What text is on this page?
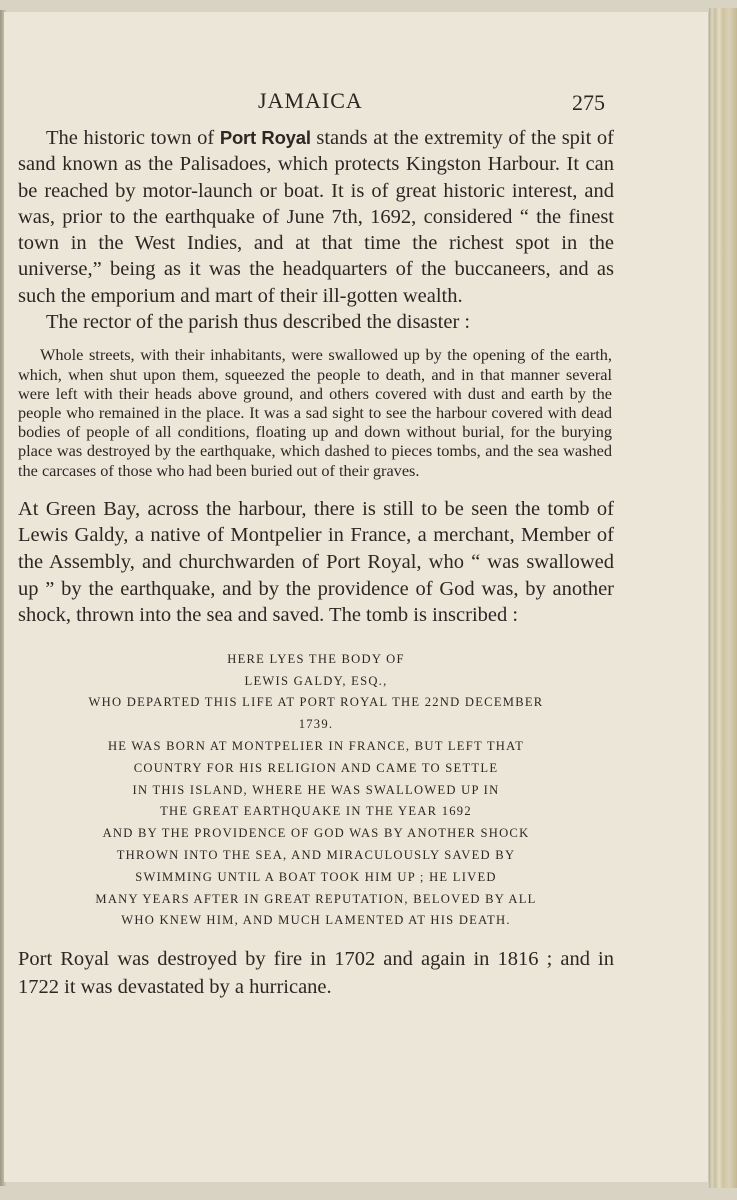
JAMAICA	275

The historic town of Port Royal stands at the extremity of the spit of sand known as the Palisadoes, which protects Kingston Harbour. It can be reached by motor-launch or boat. It is of great historic interest, and was, prior to the earthquake of June 7th, 1692, considered “ the finest town in the West Indies, and at that time the richest spot in the universe,” being as it was the headquarters of the buccaneers, and as such the emporium and mart of their ill-gotten wealth.

The rector of the parish thus described the disaster :

Whole streets, with their inhabitants, were swallowed up by the opening of the earth, which, when shut upon them, squeezed the people to death, and in that manner several were left with their heads above ground, and others covered with dust and earth by the people who remained in the place. It was a sad sight to see the harbour covered with dead bodies of people of all conditions, floating up and down without burial, for the burying place was destroyed by the earthquake, which dashed to pieces tombs, and the sea washed the carcases of those who had been buried out of their graves.

At Green Bay, across the harbour, there is still to be seen the tomb of Lewis Galdy, a native of Montpelier in France, a merchant, Member of the Assembly, and churchwarden of Port Royal, who “ was swallowed up ” by the earthquake, and by the providence of God was, by another shock, thrown into the sea and saved. The tomb is inscribed :

HERE LYES THE BODY OF
LEWIS GALDY, ESQ.,
WHO DEPARTED THIS LIFE AT PORT ROYAL THE 22ND DECEMBER
1739.
HE WAS BORN AT MONTPELIER IN FRANCE, BUT LEFT THAT
COUNTRY FOR HIS RELIGION AND CAME TO SETTLE
IN THIS ISLAND, WHERE HE WAS SWALLOWED UP IN
THE GREAT EARTHQUAKE IN THE YEAR 1692
AND BY THE PROVIDENCE OF GOD WAS BY ANOTHER SHOCK
THROWN INTO THE SEA, AND MIRACULOUSLY SAVED BY
SWIMMING UNTIL A BOAT TOOK HIM UP ; HE LIVED
MANY YEARS AFTER IN GREAT REPUTATION, BELOVED BY ALL
WHO KNEW HIM, AND MUCH LAMENTED AT HIS DEATH.

Port Royal was destroyed by fire in 1702 and again in 1816 ; and in 1722 it was devastated by a hurricane.
